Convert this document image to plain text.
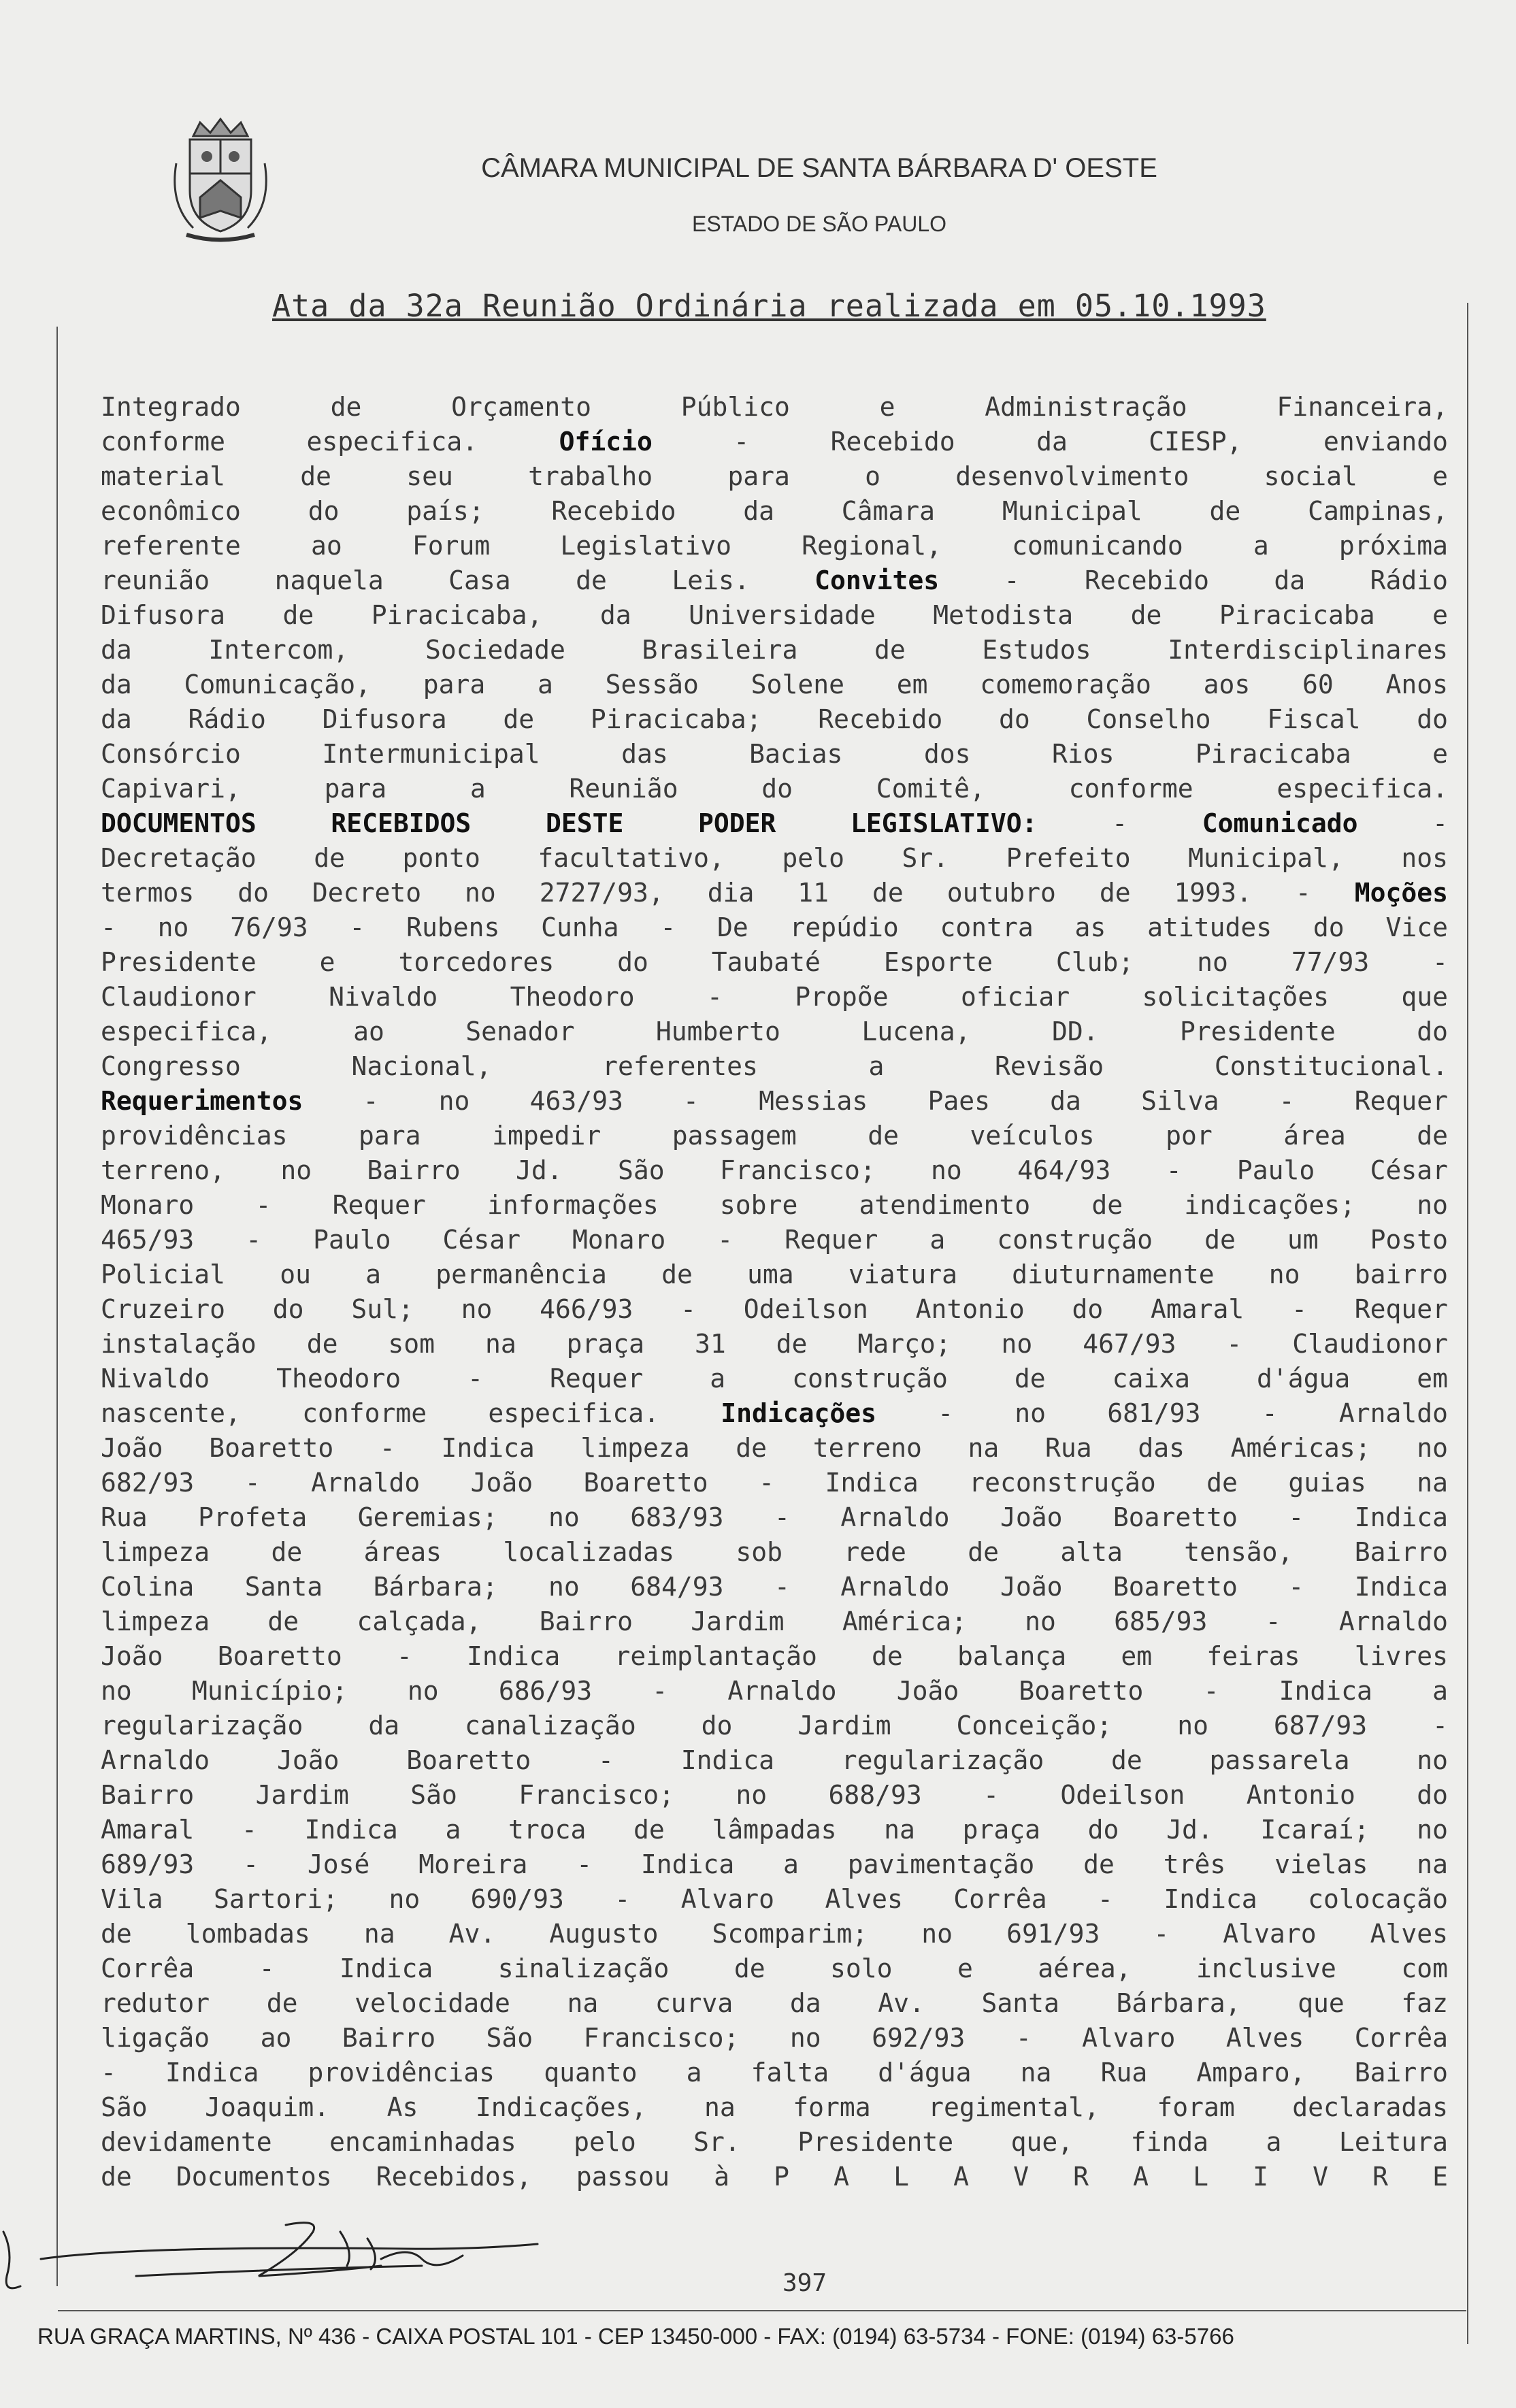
CÂMARA MUNICIPAL DE SANTA BÁRBARA D' OESTE
ESTADO DE SÃO PAULO
Ata da 32a Reunião Ordinária realizada em 05.10.1993
Integrado de Orçamento Público e Administração Financeira,
conforme especifica. Ofício - Recebido da CIESP, enviando
material de seu trabalho para o desenvolvimento social e
econômico do país; Recebido da Câmara Municipal de Campinas,
referente ao Forum Legislativo Regional, comunicando a próxima
reunião naquela Casa de Leis. Convites - Recebido da Rádio
Difusora de Piracicaba, da Universidade Metodista de Piracicaba e
da Intercom, Sociedade Brasileira de Estudos Interdisciplinares
da Comunicação, para a Sessão Solene em comemoração aos 60 Anos
da Rádio Difusora de Piracicaba; Recebido do Conselho Fiscal do
Consórcio Intermunicipal das Bacias dos Rios Piracicaba e
Capivari, para a Reunião do Comitê, conforme especifica.
DOCUMENTOS RECEBIDOS DESTE PODER LEGISLATIVO: - Comunicado -
Decretação de ponto facultativo, pelo Sr. Prefeito Municipal, nos
termos do Decreto no 2727/93, dia 11 de outubro de 1993. - Moções
- no 76/93 - Rubens Cunha - De repúdio contra as atitudes do Vice
Presidente e torcedores do Taubaté Esporte Club; no 77/93 -
Claudionor Nivaldo Theodoro - Propõe oficiar solicitações que
especifica, ao Senador Humberto Lucena, DD. Presidente do
Congresso Nacional, referentes a Revisão Constitucional.
Requerimentos - no 463/93 - Messias Paes da Silva - Requer
providências para impedir passagem de veículos por área de
terreno, no Bairro Jd. São Francisco; no 464/93 - Paulo César
Monaro - Requer informações sobre atendimento de indicações; no
465/93 - Paulo César Monaro - Requer a construção de um Posto
Policial ou a permanência de uma viatura diuturnamente no bairro
Cruzeiro do Sul; no 466/93 - Odeilson Antonio do Amaral - Requer
instalação de som na praça 31 de Março; no 467/93 - Claudionor
Nivaldo Theodoro - Requer a construção de caixa d'água em
nascente, conforme especifica. Indicações - no 681/93 - Arnaldo
João Boaretto - Indica limpeza de terreno na Rua das Américas; no
682/93 - Arnaldo João Boaretto - Indica reconstrução de guias na
Rua Profeta Geremias; no 683/93 - Arnaldo João Boaretto - Indica
limpeza de áreas localizadas sob rede de alta tensão, Bairro
Colina Santa Bárbara; no 684/93 - Arnaldo João Boaretto - Indica
limpeza de calçada, Bairro Jardim América; no 685/93 - Arnaldo
João Boaretto - Indica reimplantação de balança em feiras livres
no Município; no 686/93 - Arnaldo João Boaretto - Indica a
regularização da canalização do Jardim Conceição; no 687/93 -
Arnaldo João Boaretto - Indica regularização de passarela no
Bairro Jardim São Francisco; no 688/93 - Odeilson Antonio do
Amaral - Indica a troca de lâmpadas na praça do Jd. Icaraí; no
689/93 - José Moreira - Indica a pavimentação de três vielas na
Vila Sartori; no 690/93 - Alvaro Alves Corrêa - Indica colocação
de lombadas na Av. Augusto Scomparim; no 691/93 - Alvaro Alves
Corrêa - Indica sinalização de solo e aérea, inclusive com
redutor de velocidade na curva da Av. Santa Bárbara, que faz
ligação ao Bairro São Francisco; no 692/93 - Alvaro Alves Corrêa
- Indica providências quanto a falta d'água na Rua Amparo, Bairro
São Joaquim. As Indicações, na forma regimental, foram declaradas
devidamente encaminhadas pelo Sr. Presidente que, finda a Leitura
de Documentos Recebidos, passou à P A L A V R A L I V R E
397
RUA GRAÇA MARTINS, Nº 436 - CAIXA POSTAL 101 - CEP 13450-000 - FAX: (0194) 63-5734 - FONE: (0194) 63-5766
